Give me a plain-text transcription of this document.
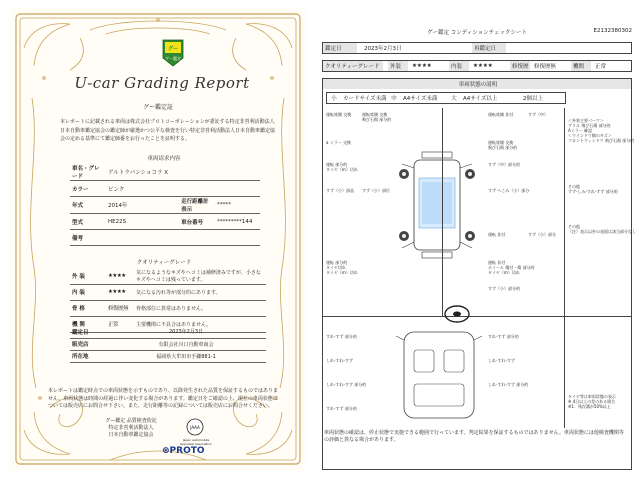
グー
グー鑑定
U-car Grading Report
グー鑑定証
本レポートに記載される車両は株式会社プロトコーポレーションが委託する特定非営利活動法人日本自動車鑑定協会の鑑定師が厳選かつ公平な検査を行い特定非営利活動法人日本自動車鑑定協会の定める基準にて鑑定師番をお行ったことを証明する。
車両请求内容
車名・グレード	アルトラパンショコラ X		
カラー	ピンク		
年式	2014年	走行距離計表示	*****
型式	HE22S	車台番号	*********144
備考			
クオリティーグレード
外 装	★★★★	気になるようなキズやヘコミは補修済みですが、小さなキズやヘコミは残っています。
内 装	★★★★	気になる汚れ等が部分的にあります。
骨 格	修復歴無	骨格部位に異常はありません。
機 関	正常	主要機関に不具合はありません。
鑑定日	2023年2月3日
販売店	有限会社川口自動車商会
所在地	福岡県大牟田市手鎌881-1
本レポートは鑑定時点での車両状態を示すものであり、以降発生された品質を保証するものではありません。車両状態は時間の経過に伴い変化する場合があります。鑑定日をご確認の上、現在の車両状態については販売店にお問合せ下さい。また、走行距離等の記録については販売店にお問合せください。
グー鑑定 品質検査依託
特定非営利活動法人
日本自動車鑑定協会
JAAA
Japan Automobile Appraisal Association
⊛PROTO
グー鑑定 コンディションチェックシート	E2132380302
鑑定日	2023年2月3日	再鑑定日
クオリティーグレード	外装	★★★★	内装	★★★★	修復歴 修復歴無	機関	正常
車両状態の説明
小	カードサイズ未満 中	A4サイズ未満	大	A4サイズ以上	2個以上
運転席側 交換	運転席側 交換
飛び石傷 部分的
a ミラー 交換
運転 部分的
タイヤ（m）切れ
すず（小）部品 すず（小）部位
運転 部分的
タイヤ切れ
タイヤ（m）切れ
運転席側 非付	すず（中）
運転席側 交換
飛び石傷 部分的
すず（中）部分的
すず へこみ（小）部分
運転 非付	すず（小）部分
運転 非付
ホイール 傷付・傷 部分的
タイヤ（m）切れ
すず（小）部分的
＜外装主要パーツ＞
グリル 飛び石傷 部分的
Aミラー 確認
＜ウインドウ類のキズ＞
フロントウィンドウ 飛び石傷 部分的
その他
すず-しみ-すれ-すず 部分的
その他
（注）表示以外の表面は該当部分なし
タイヤ等は車両状態の表示
※ 4日以上の差のある場合
※1：残存溝が50%以上
すれ-すず 部分的	すれ-すず 部分的
しれ-すれ-すず	しれ-すれ-すず
しれ-すれ-すず 部分的	しれ-すれ-すず 部分的
すれ-すず 部分的
車両状態の確認は、停止状態で実施できる範囲で行っています。判定結果を保証するものではありません。車両状態には他検査機関等の評価と異なる場合があります。
